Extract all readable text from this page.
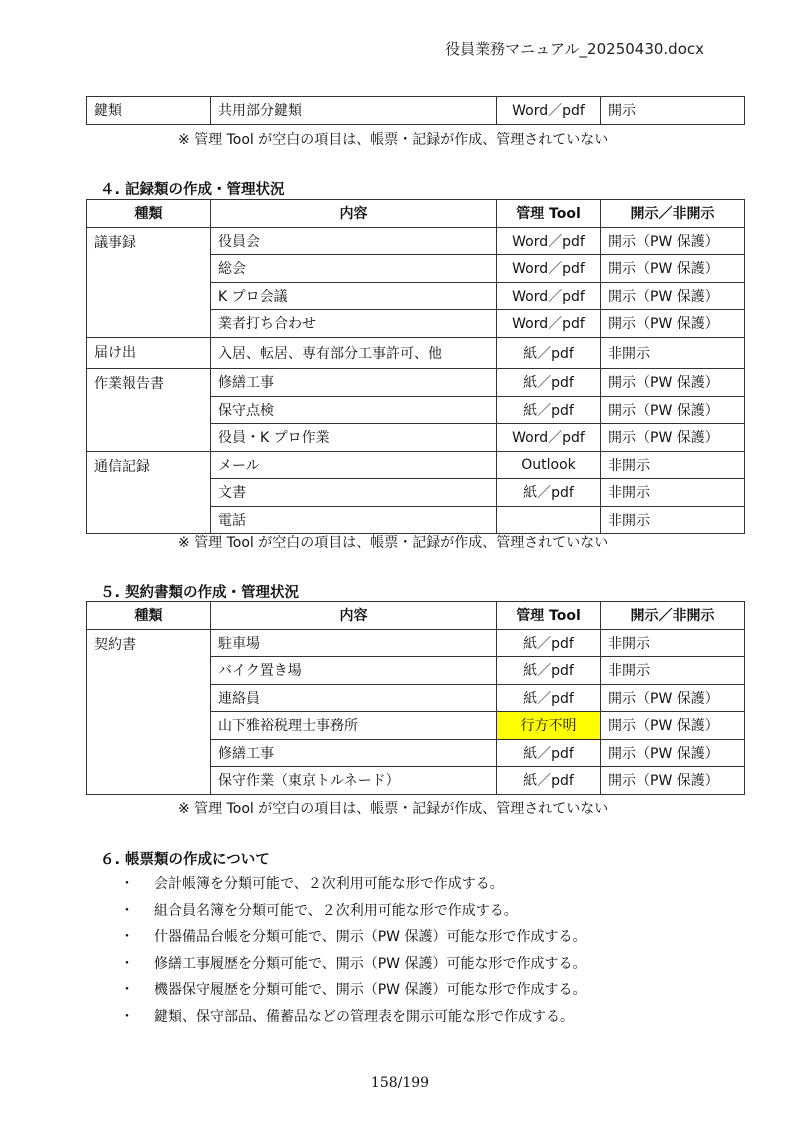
役員業務マニュアル_20250430.docx
鍵類	共用部分鍵類	Word／pdf	開示
※ 管理 Tool が空白の項目は、帳票・記録が作成、管理されていない
４. 記録類の作成・管理状況
種類	内容	管理 Tool	開示／非開示
議事録	役員会	Word／pdf	開示（PW 保護）
	総会	Word／pdf	開示（PW 保護）
	K プロ会議	Word／pdf	開示（PW 保護）
	業者打ち合わせ	Word／pdf	開示（PW 保護）
届け出	入居、転居、専有部分工事許可、他	紙／pdf	非開示
作業報告書	修繕工事	紙／pdf	開示（PW 保護）
	保守点検	紙／pdf	開示（PW 保護）
	役員・K プロ作業	Word／pdf	開示（PW 保護）
通信記録	メール	Outlook	非開示
	文書	紙／pdf	非開示
	電話		非開示
※ 管理 Tool が空白の項目は、帳票・記録が作成、管理されていない
５. 契約書類の作成・管理状況
種類	内容	管理 Tool	開示／非開示
契約書	駐車場	紙／pdf	非開示
	バイク置き場	紙／pdf	非開示
	連絡員	紙／pdf	開示（PW 保護）
	山下雅裕税理士事務所	行方不明	開示（PW 保護）
	修繕工事	紙／pdf	開示（PW 保護）
	保守作業（東京トルネード）	紙／pdf	開示（PW 保護）
※ 管理 Tool が空白の項目は、帳票・記録が作成、管理されていない
６. 帳票類の作成について
・ 会計帳簿を分類可能で、２次利用可能な形で作成する。
・ 組合員名簿を分類可能で、２次利用可能な形で作成する。
・ 什器備品台帳を分類可能で、開示（PW 保護）可能な形で作成する。
・ 修繕工事履歴を分類可能で、開示（PW 保護）可能な形で作成する。
・ 機器保守履歴を分類可能で、開示（PW 保護）可能な形で作成する。
・ 鍵類、保守部品、備蓄品などの管理表を開示可能な形で作成する。
158/199
